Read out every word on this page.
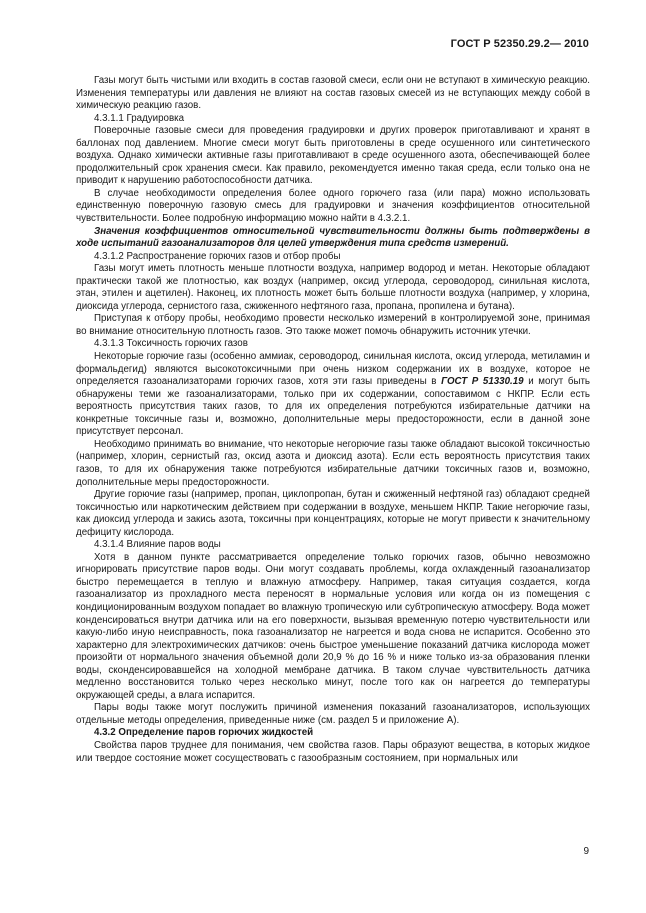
ГОСТ Р 52350.29.2— 2010

Газы могут быть чистыми или входить в состав газовой смеси, если они не вступают в химическую реакцию. Изменения температуры или давления не влияют на состав газовых смесей из не вступающих между собой в химическую реакцию газов.

4.3.1.1 Градуировка

Поверочные газовые смеси для проведения градуировки и других проверок приготавливают и хранят в баллонах под давлением. Многие смеси могут быть приготовлены в среде осушенного или синтетического воздуха. Однако химически активные газы приготавливают в среде осушенного азота, обеспечивающей более продолжительный срок хранения смеси. Как правило, рекомендуется именно такая среда, если только она не приводит к нарушению работоспособности датчика.

В случае необходимости определения более одного горючего газа (или пара) можно использовать единственную поверочную газовую смесь для градуировки и значения коэффициентов относительной чувствительности. Более подробную информацию можно найти в 4.3.2.1.

Значения коэффициентов относительной чувствительности должны быть подтверждены в ходе испытаний газоанализаторов для целей утверждения типа средств измерений.

4.3.1.2 Распространение горючих газов и отбор пробы

Газы могут иметь плотность меньше плотности воздуха, например водород и метан. Некоторые обладают практически такой же плотностью, как воздух (например, оксид углерода, сероводород, синильная кислота, этан, этилен и ацетилен). Наконец, их плотность может быть больше плотности воздуха (например, у хлорина, диоксида углерода, сернистого газа, сжиженного нефтяного газа, пропана, пропилена и бутана).

Приступая к отбору пробы, необходимо провести несколько измерений в контролируемой зоне, принимая во внимание относительную плотность газов. Это также может помочь обнаружить источник утечки.

4.3.1.3 Токсичность горючих газов

Некоторые горючие газы (особенно аммиак, сероводород, синильная кислота, оксид углерода, метиламин и формальдегид) являются высокотоксичными при очень низком содержании их в воздухе, которое не определяется газоанализаторами горючих газов, хотя эти газы приведены в ГОСТ Р 51330.19 и могут быть обнаружены теми же газоанализаторами, только при их содержании, сопоставимом с НКПР. Если есть вероятность присутствия таких газов, то для их определения потребуются избирательные датчики на конкретные токсичные газы и, возможно, дополнительные меры предосторожности, если в данной зоне присутствует персонал.

Необходимо принимать во внимание, что некоторые негорючие газы также обладают высокой токсичностью (например, хлорин, сернистый газ, оксид азота и диоксид азота). Если есть вероятность присутствия таких газов, то для их обнаружения также потребуются избирательные датчики токсичных газов и, возможно, дополнительные меры предосторожности.

Другие горючие газы (например, пропан, циклопропан, бутан и сжиженный нефтяной газ) обладают средней токсичностью или наркотическим действием при содержании в воздухе, меньшем НКПР. Такие негорючие газы, как диоксид углерода и закись азота, токсичны при концентрациях, которые не могут привести к значительному дефициту кислорода.

4.3.1.4 Влияние паров воды

Хотя в данном пункте рассматривается определение только горючих газов, обычно невозможно игнорировать присутствие паров воды. Они могут создавать проблемы, когда охлажденный газоанализатор быстро перемещается в теплую и влажную атмосферу. Например, такая ситуация создается, когда газоанализатор из прохладного места переносят в нормальные условия или когда он из помещения с кондиционированным воздухом попадает во влажную тропическую или субтропическую атмосферу. Вода может конденсироваться внутри датчика или на его поверхности, вызывая временную потерю чувствительности или какую-либо иную неисправность, пока газоанализатор не нагреется и вода снова не испарится. Особенно это характерно для электрохимических датчиков: очень быстрое уменьшение показаний датчика кислорода может произойти от нормального значения объемной доли 20,9 % до 16 % и ниже только из-за образования пленки воды, сконденсировавшейся на холодной мембране датчика. В таком случае чувствительность датчика медленно восстановится только через несколько минут, после того как он нагреется до температуры окружающей среды, а влага испарится.

Пары воды также могут послужить причиной изменения показаний газоанализаторов, использующих отдельные методы определения, приведенные ниже (см. раздел 5 и приложение А).

4.3.2 Определение паров горючих жидкостей

Свойства паров труднее для понимания, чем свойства газов. Пары образуют вещества, в которых жидкое или твердое состояние может сосуществовать с газообразным состоянием, при нормальных или

9
